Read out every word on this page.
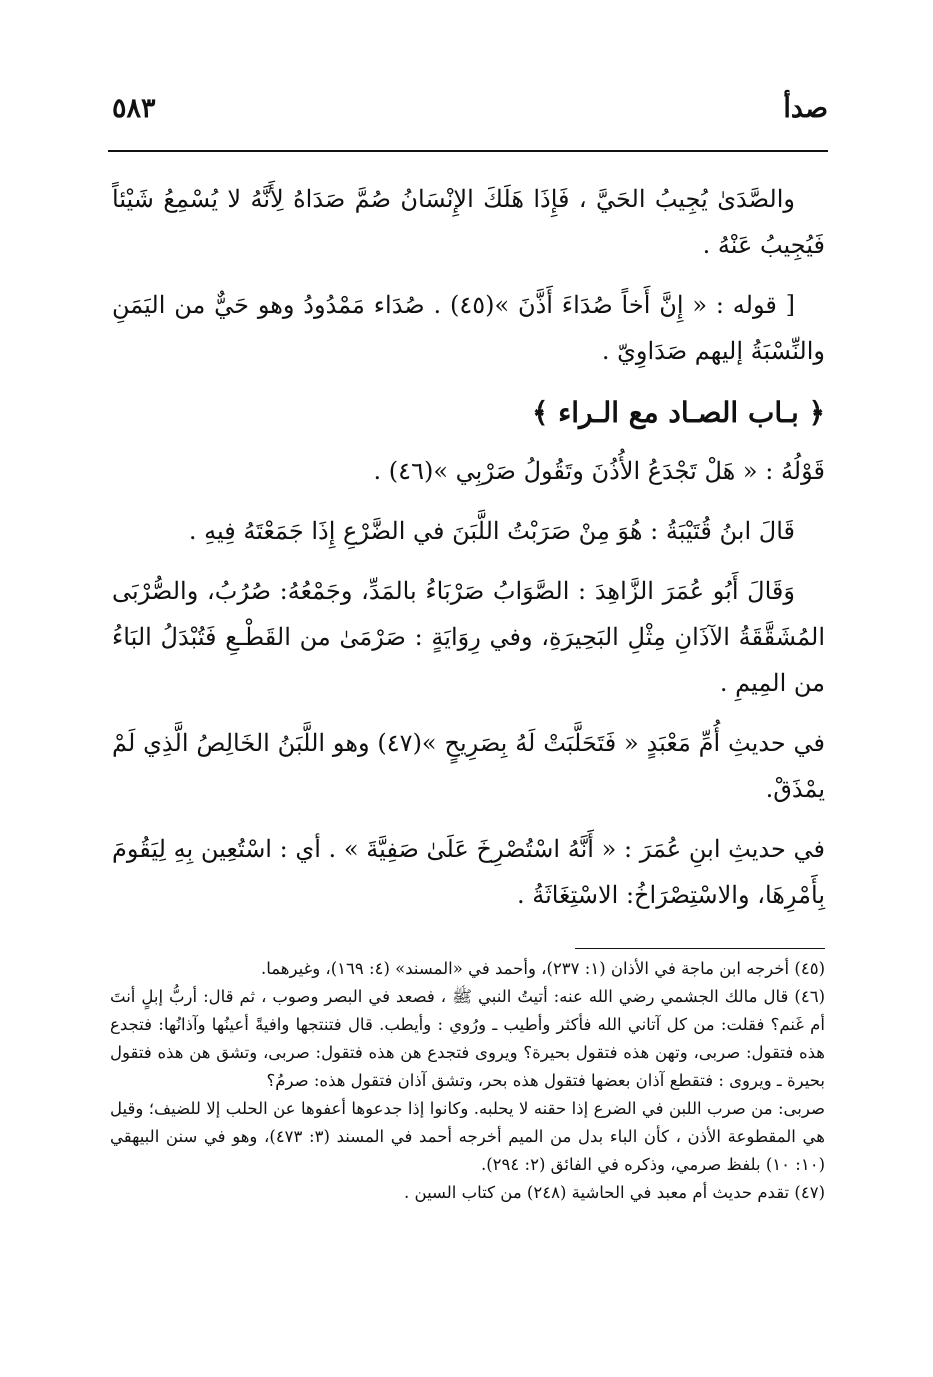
صدأ
٥٨٣

والصَّدَىٰ يُجِيبُ الحَيَّ ، فَإِذَا هَلَكَ الإِنْسَانُ صُمَّ صَدَاهُ لِأَنَّهُ لا يُسْمِعُ شَيْئاً فَيُجِيبُ عَنْهُ .

[ قوله : « إِنَّ أَخاً صُدَاءَ أَذَّنَ »(٤٥) . صُدَاء مَمْدُودُ وهو حَيٌّ من اليَمَنِ والنِّسْبَةُ إليهم صَدَاوِيّ .

﴿ بـاب الصـاد مع الـراء ﴾

قَوْلُهُ : « هَلْ تَجْدَعُ الأُذُنَ وتَقُولُ صَرْبِي »(٤٦) .

قَالَ ابنُ قُتَيْبَةُ : هُوَ مِنْ صَرَبْتُ اللَّبَنَ في الضَّرْعِ إِذَا جَمَعْتَهُ فِيهِ .

وَقَالَ أَبُو عُمَرَ الزَّاهِدَ : الصَّوَابُ صَرْبَاءُ بالمَدِّ، وجَمْعُهُ: صُرُبُ، والصُّرْبَى المُشَقَّقَةُ الآذَانِ مِثْلِ البَحِيرَةِ، وفي رِوَايَةٍ : صَرْمَىٰ من القَطْـعِ فَتُبْدَلُ البَاءُ من المِيمِ .

في حديثِ أُمِّ مَعْبَدٍ « فَتَحَلَّبَتْ لَهُ بِصَرِيحٍ »(٤٧) وهو اللَّبَنُ الخَالِصُ الَّذِي لَمْ يمْذَقْ.

في حديثِ ابنِ عُمَرَ : « أَنَّهُ اسْتُصْرِخَ عَلَىٰ صَفِيَّةَ » . أي : اسْتُعِين بِهِ لِيَقُومَ بِأَمْرِهَا، والاسْتِصْرَاخُ: الاسْتِغَاثَةُ .

(٤٥) أخرجه ابن ماجة في الأذان (١: ٢٣٧)، وأحمد في «المسند» (٤: ١٦٩)، وغيرهما.

(٤٦) قال مالك الجشمي رضي الله عنه: أتيتُ النبي ﷺ ، فصعد في البصر وصوب ، ثم قال: أربُّ إبلٍ أنتَ أم غَنم؟ فقلت: من كل آتاني الله فأكثر وأطيب ـ ورُوي : وأيطب. قال فتنتجها وافيةً أعينُها وآذانُها: فتجدع هذه فتقول: صربى، وتهن هذه فتقول بحيرة؟ ويروى فتجدع هن هذه فتقول: صربى، وتشق هن هذه فتقول بحيرة ـ ويروى : فتقطع آذان بعضها فتقول هذه بحر، وتشق آذان فتقول هذه: صرمُ؟

صربى: من صرب اللبن في الضرع إذا حقنه لا يحلبه. وكانوا إذا جدعوها أعفوها عن الحلب إلا للضيف؛ وقيل هي المقطوعة الأذن ، كأن الباء بدل من الميم أخرجه أحمد في المسند (٣: ٤٧٣)، وهو في سنن البيهقي (١٠: ١٠) بلفظ صرمي، وذكره في الفائق (٢: ٢٩٤).

(٤٧) تقدم حديث أم معبد في الحاشية (٢٤٨) من كتاب السين .
